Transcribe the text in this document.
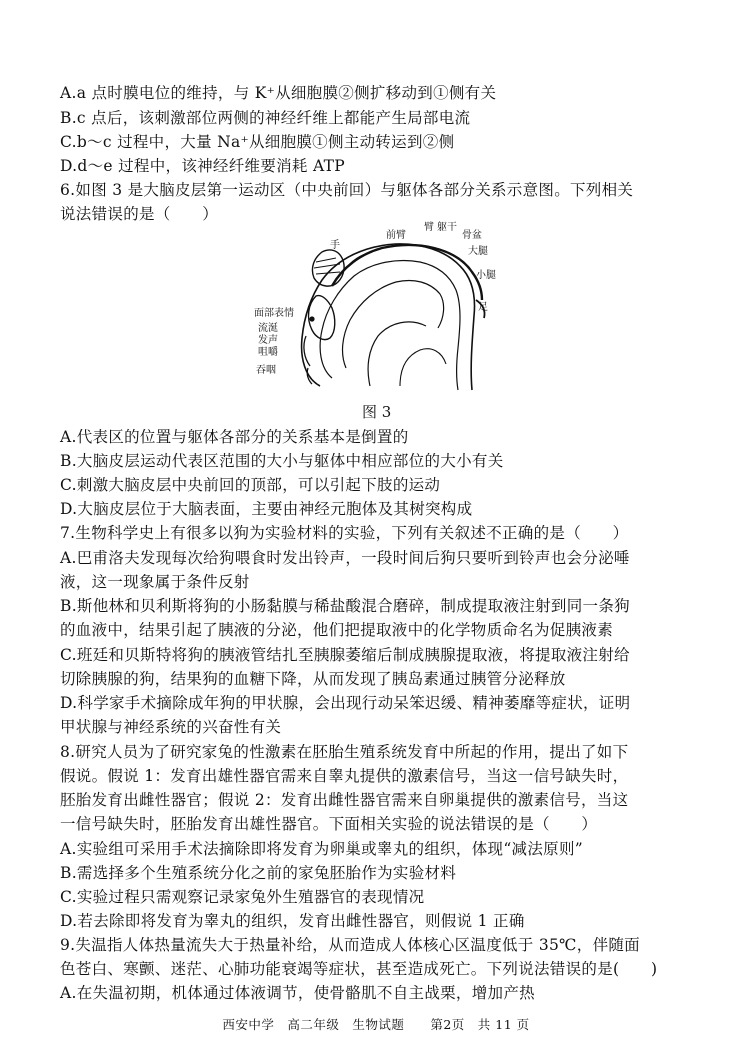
A.a 点时膜电位的维持，与 K⁺从细胞膜②侧扩移动到①侧有关
B.c 点后，该刺激部位两侧的神经纤维上都能产生局部电流
C.b～c 过程中，大量 Na⁺从细胞膜①侧主动转运到②侧
D.d～e 过程中，该神经纤维要消耗 ATP
6.如图 3 是大脑皮层第一运动区（中央前回）与躯体各部分关系示意图。下列相关
说法错误的是（　　）
手
前臂
臂 躯干
骨盆
大腿
小腿
足
面部表情
流涎
发声
咀嚼
吞咽
图 3
A.代表区的位置与躯体各部分的关系基本是倒置的
B.大脑皮层运动代表区范围的大小与躯体中相应部位的大小有关
C.刺激大脑皮层中央前回的顶部，可以引起下肢的运动
D.大脑皮层位于大脑表面，主要由神经元胞体及其树突构成
7.生物科学史上有很多以狗为实验材料的实验，下列有关叙述不正确的是（　　）
A.巴甫洛夫发现每次给狗喂食时发出铃声，一段时间后狗只要听到铃声也会分泌唾
液，这一现象属于条件反射
B.斯他林和贝利斯将狗的小肠黏膜与稀盐酸混合磨碎，制成提取液注射到同一条狗
的血液中，结果引起了胰液的分泌，他们把提取液中的化学物质命名为促胰液素
C.班廷和贝斯特将狗的胰液管结扎至胰腺萎缩后制成胰腺提取液，将提取液注射给
切除胰腺的狗，结果狗的血糖下降，从而发现了胰岛素通过胰管分泌释放
D.科学家手术摘除成年狗的甲状腺，会出现行动呆笨迟缓、精神萎靡等症状，证明
甲状腺与神经系统的兴奋性有关
8.研究人员为了研究家兔的性激素在胚胎生殖系统发育中所起的作用，提出了如下
假说。假说 1：发育出雄性器官需来自睾丸提供的激素信号，当这一信号缺失时，
胚胎发育出雌性器官；假说 2：发育出雌性器官需来自卵巢提供的激素信号，当这
一信号缺失时，胚胎发育出雄性器官。下面相关实验的说法错误的是（　　）
A.实验组可采用手术法摘除即将发育为卵巢或睾丸的组织，体现“减法原则”
B.需选择多个生殖系统分化之前的家兔胚胎作为实验材料
C.实验过程只需观察记录家兔外生殖器官的表现情况
D.若去除即将发育为睾丸的组织，发育出雌性器官，则假说 1 正确
9.失温指人体热量流失大于热量补给，从而造成人体核心区温度低于 35℃，伴随面
色苍白、寒颤、迷茫、心肺功能衰竭等症状，甚至造成死亡。下列说法错误的是(　　)
A.在失温初期，机体通过体液调节，使骨骼肌不自主战栗，增加产热
西安中学　高二年级　生物试题　　第2页　共 11 页
